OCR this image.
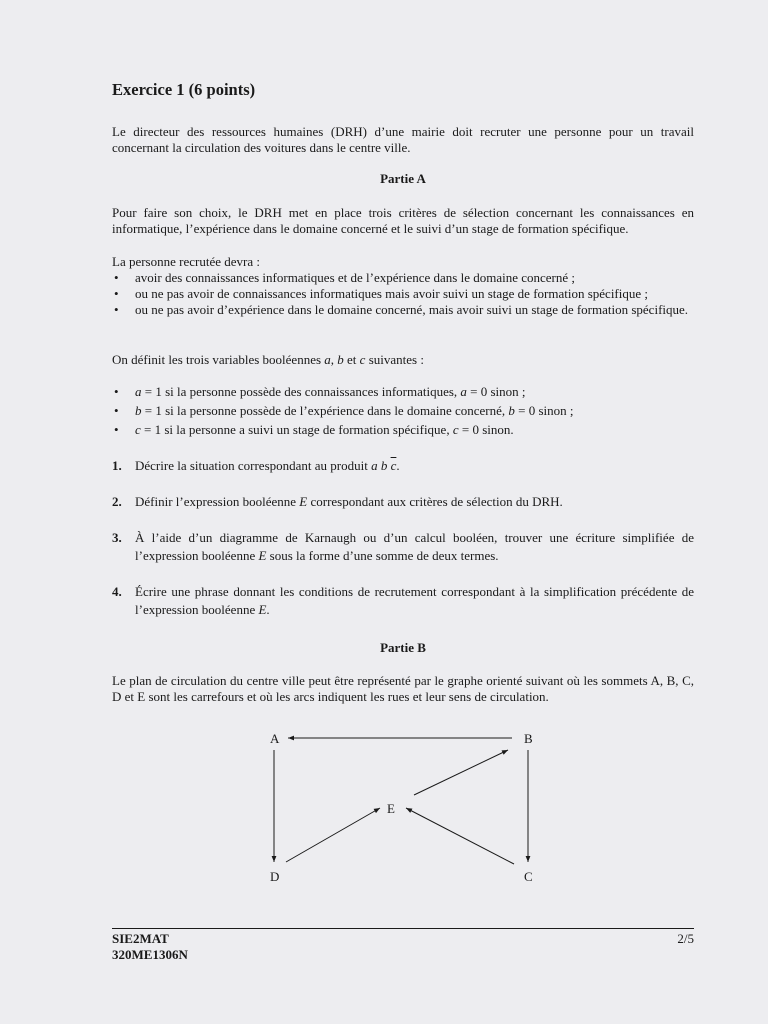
Exercice 1 (6 points)

Le directeur des ressources humaines (DRH) d’une mairie doit recruter une personne pour un travail concernant la circulation des voitures dans le centre ville.

Partie A

Pour faire son choix, le DRH met en place trois critères de sélection concernant les connaissances en informatique, l’expérience dans le domaine concerné et le suivi d’un stage de formation spécifique.

La personne recrutée devra :

• avoir des connaissances informatiques et de l’expérience dans le domaine concerné ;
• ou ne pas avoir de connaissances informatiques mais avoir suivi un stage de formation spécifique ;
• ou ne pas avoir d’expérience dans le domaine concerné, mais avoir suivi un stage de formation spécifique.

On définit les trois variables booléennes a, b et c suivantes :

• a = 1 si la personne possède des connaissances informatiques, a = 0 sinon ;
• b = 1 si la personne possède de l’expérience dans le domaine concerné, b = 0 sinon ;
• c = 1 si la personne a suivi un stage de formation spécifique, c = 0 sinon.
1. Décrire la situation correspondant au produit a b $\overline{c}$.
2. Définir l’expression booléenne E correspondant aux critères de sélection du DRH.
3. À l’aide d’un diagramme de Karnaugh ou d’un calcul booléen, trouver une écriture simplifiée de l’expression booléenne E sous la forme d’une somme de deux termes.
4. Écrire une phrase donnant les conditions de recrutement correspondant à la simplification précédente de l’expression booléenne E.
Partie B

Le plan de circulation du centre ville peut être représenté par le graphe orienté suivant où les sommets A, B, C, D et E sont les carrefours et où les arcs indiquent les rues et leur sens de circulation.

A	B
C
D
E
SIE2MAT
320ME1306N
2/5
